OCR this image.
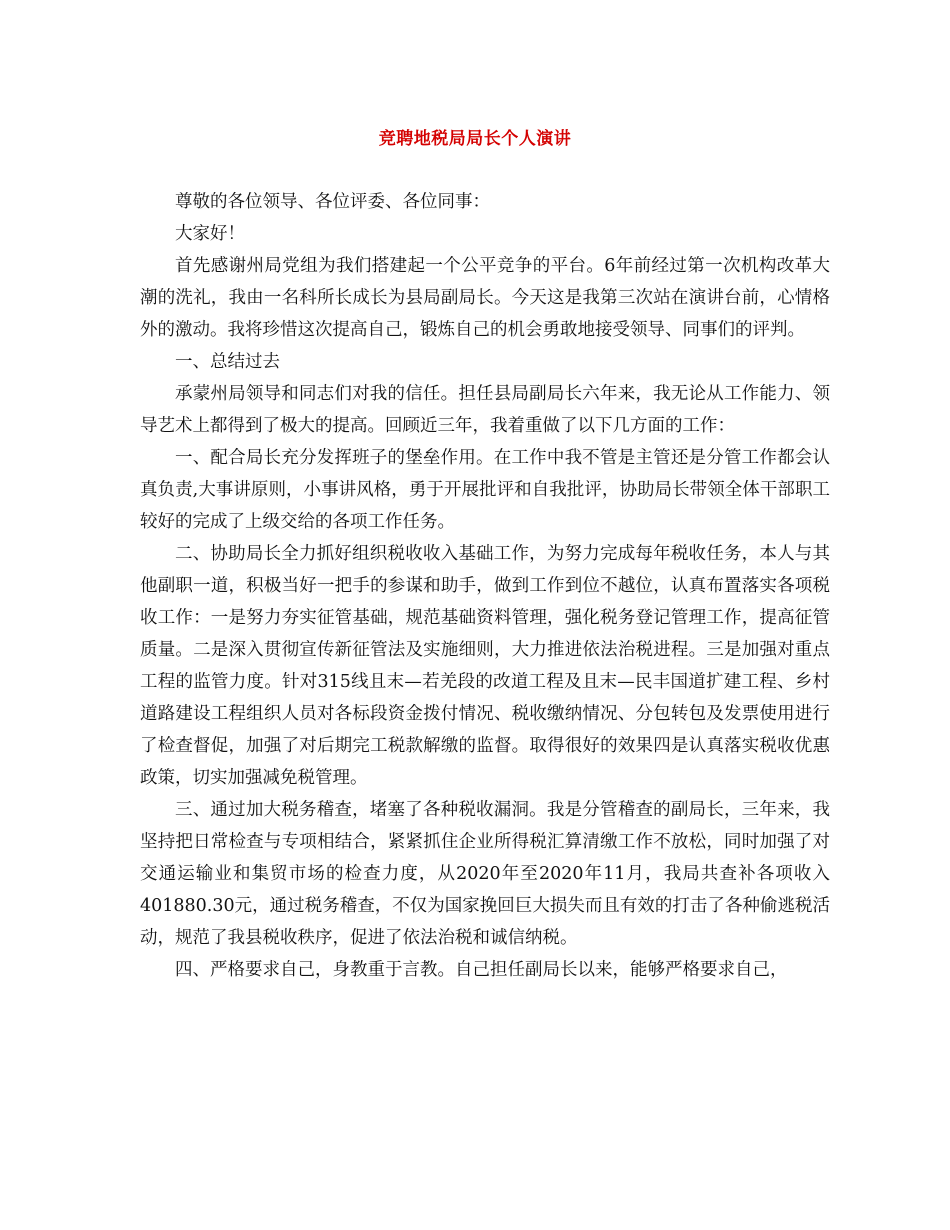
竞聘地税局局长个人演讲

尊敬的各位领导、各位评委、各位同事：

大家好！

首先感谢州局党组为我们搭建起一个公平竞争的平台。6年前经过第一次机构改革大潮的洗礼，我由一名科所长成长为县局副局长。今天这是我第三次站在演讲台前，心情格外的激动。我将珍惜这次提高自己，锻炼自己的机会勇敢地接受领导、同事们的评判。

一、总结过去

承蒙州局领导和同志们对我的信任。担任县局副局长六年来，我无论从工作能力、领导艺术上都得到了极大的提高。回顾近三年，我着重做了以下几方面的工作：

一、配合局长充分发挥班子的堡垒作用。在工作中我不管是主管还是分管工作都会认真负责,大事讲原则，小事讲风格，勇于开展批评和自我批评，协助局长带领全体干部职工较好的完成了上级交给的各项工作任务。

二、协助局长全力抓好组织税收收入基础工作，为努力完成每年税收任务，本人与其他副职一道，积极当好一把手的参谋和助手，做到工作到位不越位，认真布置落实各项税收工作：一是努力夯实征管基础，规范基础资料管理，强化税务登记管理工作，提高征管质量。二是深入贯彻宣传新征管法及实施细则，大力推进依法治税进程。三是加强对重点工程的监管力度。针对315线且末—若羌段的改道工程及且末—民丰国道扩建工程、乡村道路建设工程组织人员对各标段资金拨付情况、税收缴纳情况、分包转包及发票使用进行了检查督促，加强了对后期完工税款解缴的监督。取得很好的效果四是认真落实税收优惠政策，切实加强减免税管理。

三、通过加大税务稽查，堵塞了各种税收漏洞。我是分管稽查的副局长，三年来，我坚持把日常检查与专项相结合，紧紧抓住企业所得税汇算清缴工作不放松，同时加强了对交通运输业和集贸市场的检查力度，从2020年至2020年11月，我局共查补各项收入401880.30元，通过税务稽查，不仅为国家挽回巨大损失而且有效的打击了各种偷逃税活动，规范了我县税收秩序，促进了依法治税和诚信纳税。

四、严格要求自己，身教重于言教。自己担任副局长以来，能够严格要求自己，
